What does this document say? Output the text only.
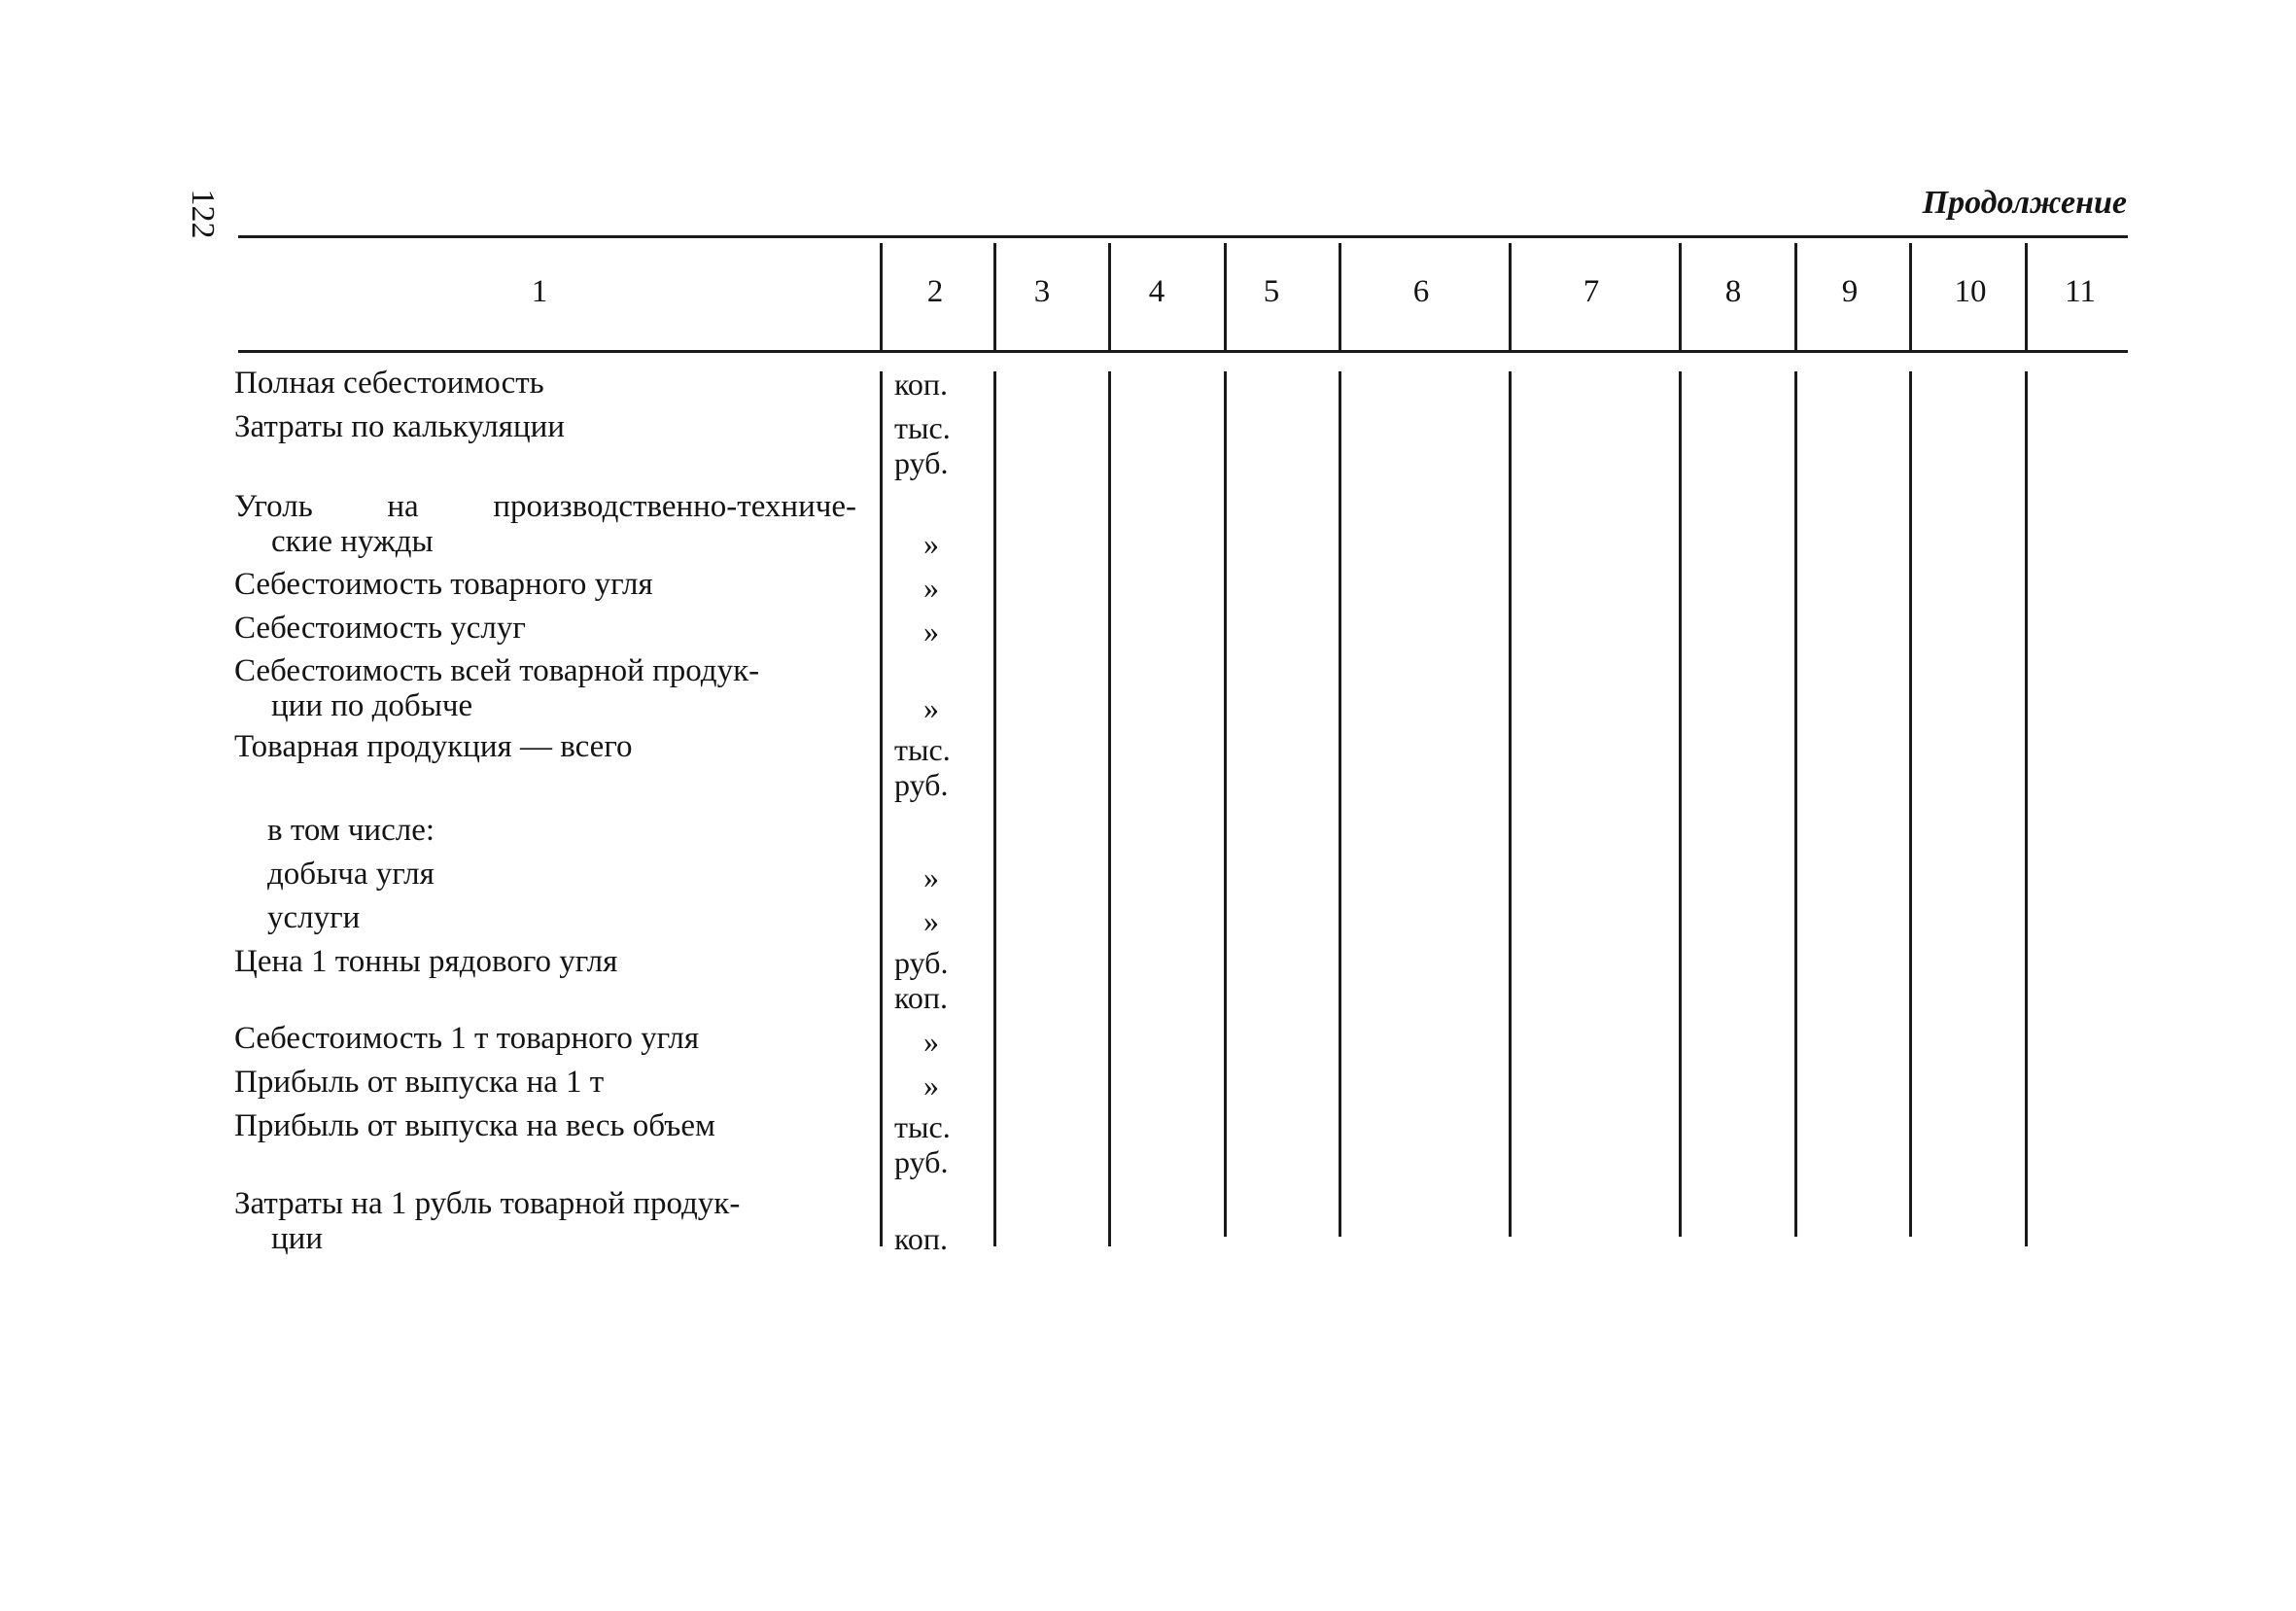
122	Продолжение
1	2	3	4	5	6	7	8	9	10 11
Полная себестоимость	коп.
Затраты по калькуляции	тыс.
руб.
Уголь на производственно-техниче-
ские нужды	»
Себестоимость товарного угля	»
Себестоимость услуг	»
Себестоимость всей товарной продук-
ции по добыче	»
Товарная продукция — всего	тыс.
руб.
в том числе:
добыча угля	»
услуги	»
Цена 1 тонны рядового угля	руб.
коп.
Себестоимость 1 т товарного угля	»
Прибыль от выпуска на 1 т	»
Прибыль от выпуска на весь объем	тыс.
руб.
Затраты на 1 рубль товарной продук-
ции	коп.
